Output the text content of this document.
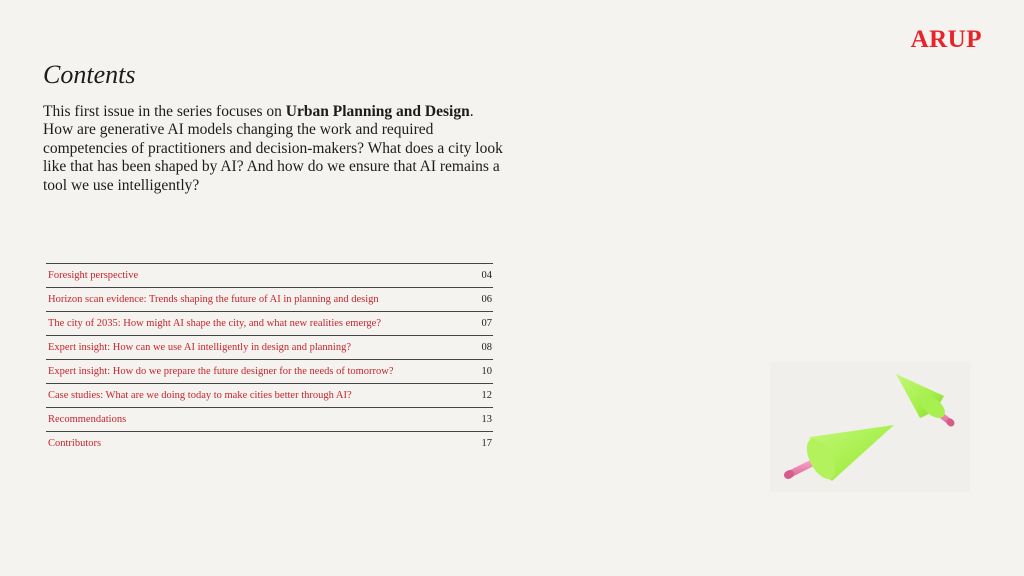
ARUP
Contents

This first issue in the series focuses on Urban Planning and Design. How are generative AI models changing the work and required competencies of practitioners and decision-makers? What does a city look like that has been shaped by AI? And how do we ensure that AI remains a tool we use intelligently?

Foresight perspective	04
Horizon scan evidence: Trends shaping the future of AI in planning and design	06
The city of 2035: How might AI shape the city, and what new realities emerge?	07
Expert insight: How can we use AI intelligently in design and planning?	08
Expert insight: How do we prepare the future designer for the needs of tomorrow?	10
Case studies: What are we doing today to make cities better through AI?	12
Recommendations	13
Contributors	17
